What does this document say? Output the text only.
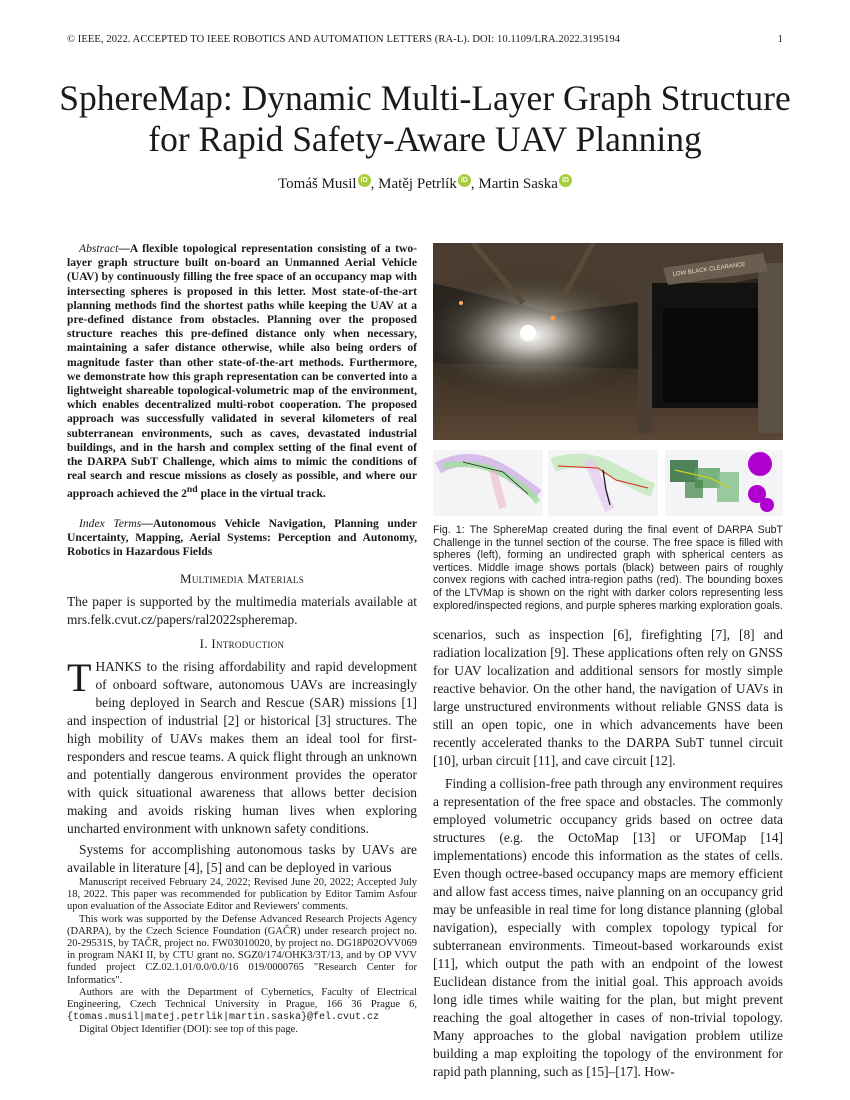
© IEEE, 2022. ACCEPTED TO IEEE ROBOTICS AND AUTOMATION LETTERS (RA-L). DOI: 10.1109/LRA.2022.3195194	1
SphereMap: Dynamic Multi-Layer Graph Structure
for Rapid Safety-Aware UAV Planning
Tomáš Musil iD , Matěj Petrlík iD , Martin Saska iD
Abstract—A flexible topological representation consisting of a two-layer graph structure built on-board an Unmanned Aerial Vehicle (UAV) by continuously filling the free space of an occupancy map with intersecting spheres is proposed in this letter. Most state-of-the-art planning methods find the shortest paths while keeping the UAV at a pre-defined distance from obstacles. Planning over the proposed structure reaches this pre-defined distance only when necessary, maintaining a safer distance otherwise, while also being orders of magnitude faster than other state-of-the-art methods. Furthermore, we demonstrate how this graph representation can be converted into a lightweight shareable topological-volumetric map of the environment, which enables decentralized multi-robot cooperation. The proposed approach was successfully validated in several kilometers of real subterranean environments, such as caves, devastated industrial buildings, and in the harsh and complex setting of the final event of the DARPA SubT Challenge, which aims to mimic the conditions of real search and rescue missions as closely as possible, and where our approach achieved the 2nd place in the virtual track.
Index Terms—Autonomous Vehicle Navigation, Planning under Uncertainty, Mapping, Aerial Systems: Perception and Autonomy, Robotics in Hazardous Fields
Multimedia Materials

The paper is supported by the multimedia materials available at mrs.felk.cvut.cz/papers/ral2022spheremap.

I. Introduction

THANKS to the rising affordability and rapid development of onboard software, autonomous UAVs are increasingly being deployed in Search and Rescue (SAR) missions [1] and inspection of industrial [2] or historical [3] structures. The high mobility of UAVs makes them an ideal tool for first-responders and rescue teams. A quick flight through an unknown and potentially dangerous environment provides the operator with quick situational awareness that allows better decision making and avoids risking human lives when exploring uncharted environment with unknown safety conditions.

Systems for accomplishing autonomous tasks by UAVs are available in literature [4], [5] and can be deployed in various

Manuscript received February 24, 2022; Revised June 20, 2022; Accepted July 18, 2022. This paper was recommended for publication by Editor Tamim Asfour upon evaluation of the Associate Editor and Reviewers' comments.

This work was supported by the Defense Advanced Research Projects Agency (DARPA), by the Czech Science Foundation (GAČR) under research project no. 20-29531S, by TAČR, project no. FW03010020, by project no. DG18P02OVV069 in program NAKI II, by CTU grant no. SGZ0/174/OHK3/3T/13, and by OP VVV funded project CZ.02.1.01/0.0/0.0/16 019/0000765 "Research Center for Informatics".

Authors are with the Department of Cybernetics, Faculty of Electrical Engineering, Czech Technical University in Prague, 166 36 Prague 6, {tomas.musil|matej.petrlik|martin.saska}@fel.cvut.cz

Digital Object Identifier (DOI): see top of this page.

Fig. 1: The SphereMap created during the final event of DARPA SubT Challenge in the tunnel section of the course. The free space is filled with spheres (left), forming an undirected graph with spherical centers as vertices. Middle image shows portals (black) between pairs of roughly convex regions with cached intra-region paths (red). The bounding boxes of the LTVMap is shown on the right with darker colors representing less explored/inspected regions, and purple spheres marking exploration goals.

scenarios, such as inspection [6], firefighting [7], [8] and radiation localization [9]. These applications often rely on GNSS for UAV localization and additional sensors for mostly simple reactive behavior. On the other hand, the navigation of UAVs in large unstructured environments without reliable GNSS data is still an open topic, one in which advancements have been recently accelerated thanks to the DARPA SubT tunnel circuit [10], urban circuit [11], and cave circuit [12].

Finding a collision-free path through any environment requires a representation of the free space and obstacles. The commonly employed volumetric occupancy grids based on octree data structures (e.g. the OctoMap [13] or UFOMap [14] implementations) encode this information as the states of cells. Even though octree-based occupancy maps are memory efficient and allow fast access times, naive planning on an occupancy grid may be unfeasible in real time for long distance planning (global navigation), especially with complex topology typical for subterranean environments. Timeout-based workarounds exist [11], which output the path with an endpoint of the lowest Euclidean distance from the initial goal. This approach avoids long idle times while waiting for the plan, but might prevent reaching the goal altogether in cases of non-trivial topology. Many approaches to the global navigation problem utilize building a map exploiting the topology of the environment for rapid path planning, such as [15]–[17]. How-
